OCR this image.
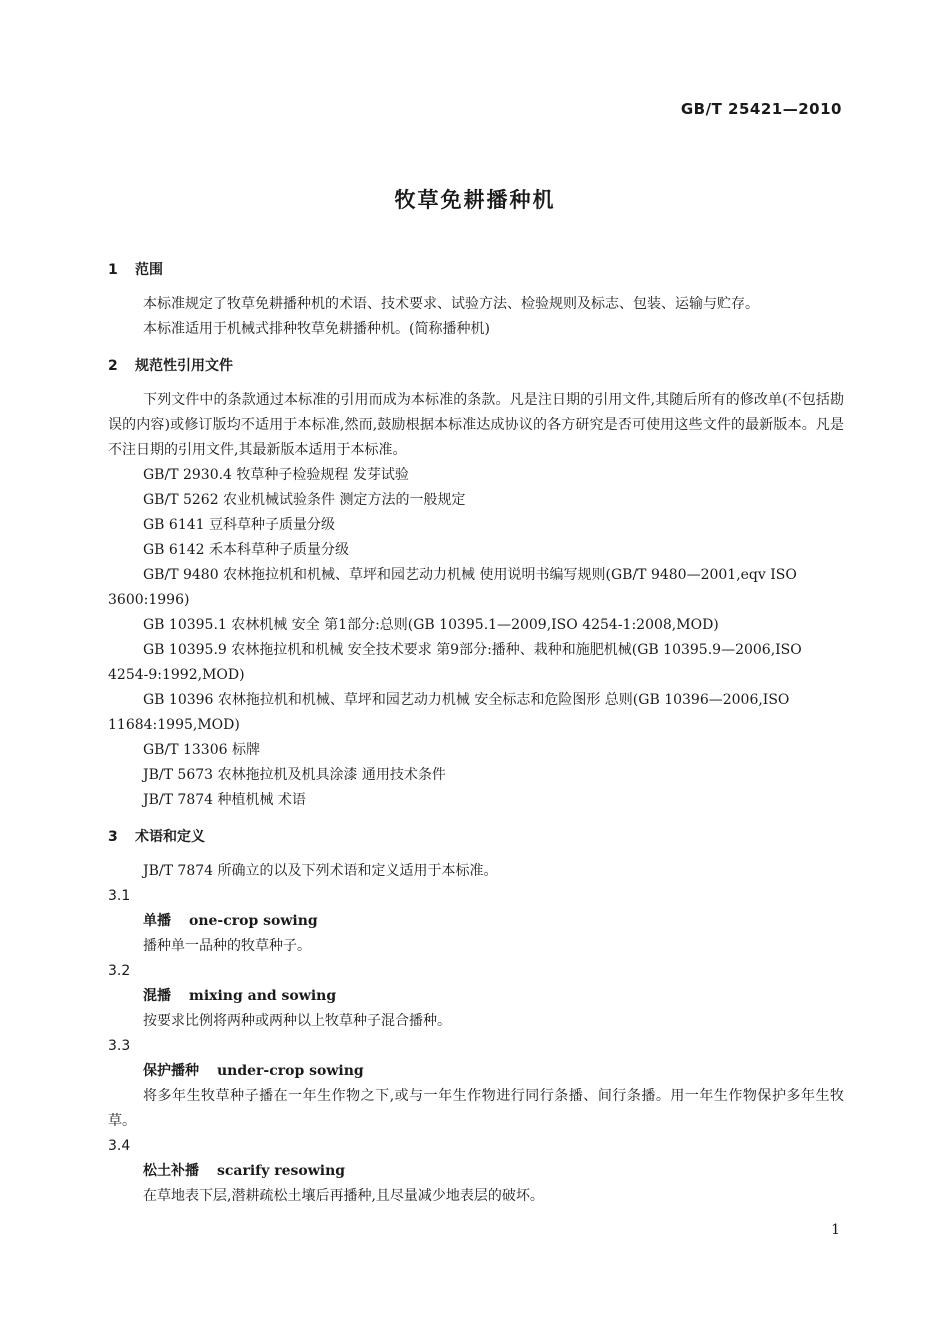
GB/T 25421—2010
牧草免耕播种机
1 范围

本标准规定了牧草免耕播种机的术语、技术要求、试验方法、检验规则及标志、包装、运输与贮存。

本标准适用于机械式排种牧草免耕播种机。(简称播种机)

2 规范性引用文件

下列文件中的条款通过本标准的引用而成为本标准的条款。凡是注日期的引用文件,其随后所有的修改单(不包括勘误的内容)或修订版均不适用于本标准,然而,鼓励根据本标准达成协议的各方研究是否可使用这些文件的最新版本。凡是不注日期的引用文件,其最新版本适用于本标准。

GB/T 2930.4 牧草种子检验规程 发芽试验

GB/T 5262 农业机械试验条件 测定方法的一般规定

GB 6141 豆科草种子质量分级

GB 6142 禾本科草种子质量分级

GB/T 9480 农林拖拉机和机械、草坪和园艺动力机械 使用说明书编写规则(GB/T 9480—2001,eqv ISO 3600:1996)

GB 10395.1 农林机械 安全 第1部分:总则(GB 10395.1—2009,ISO 4254-1:2008,MOD)

GB 10395.9 农林拖拉机和机械 安全技术要求 第9部分:播种、栽种和施肥机械(GB 10395.9—2006,ISO 4254-9:1992,MOD)

GB 10396 农林拖拉机和机械、草坪和园艺动力机械 安全标志和危险图形 总则(GB 10396—2006,ISO 11684:1995,MOD)

GB/T 13306 标牌

JB/T 5673 农林拖拉机及机具涂漆 通用技术条件

JB/T 7874 种植机械 术语

3 术语和定义

JB/T 7874 所确立的以及下列术语和定义适用于本标准。

3.1
单播 one-crop sowing

播种单一品种的牧草种子。

3.2
混播 mixing and sowing

按要求比例将两种或两种以上牧草种子混合播种。

3.3
保护播种 under-crop sowing

将多年生牧草种子播在一年生作物之下,或与一年生作物进行同行条播、间行条播。用一年生作物保护多年生牧草。

3.4
松土补播 scarify resowing

在草地表下层,潜耕疏松土壤后再播种,且尽量减少地表层的破坏。

1
